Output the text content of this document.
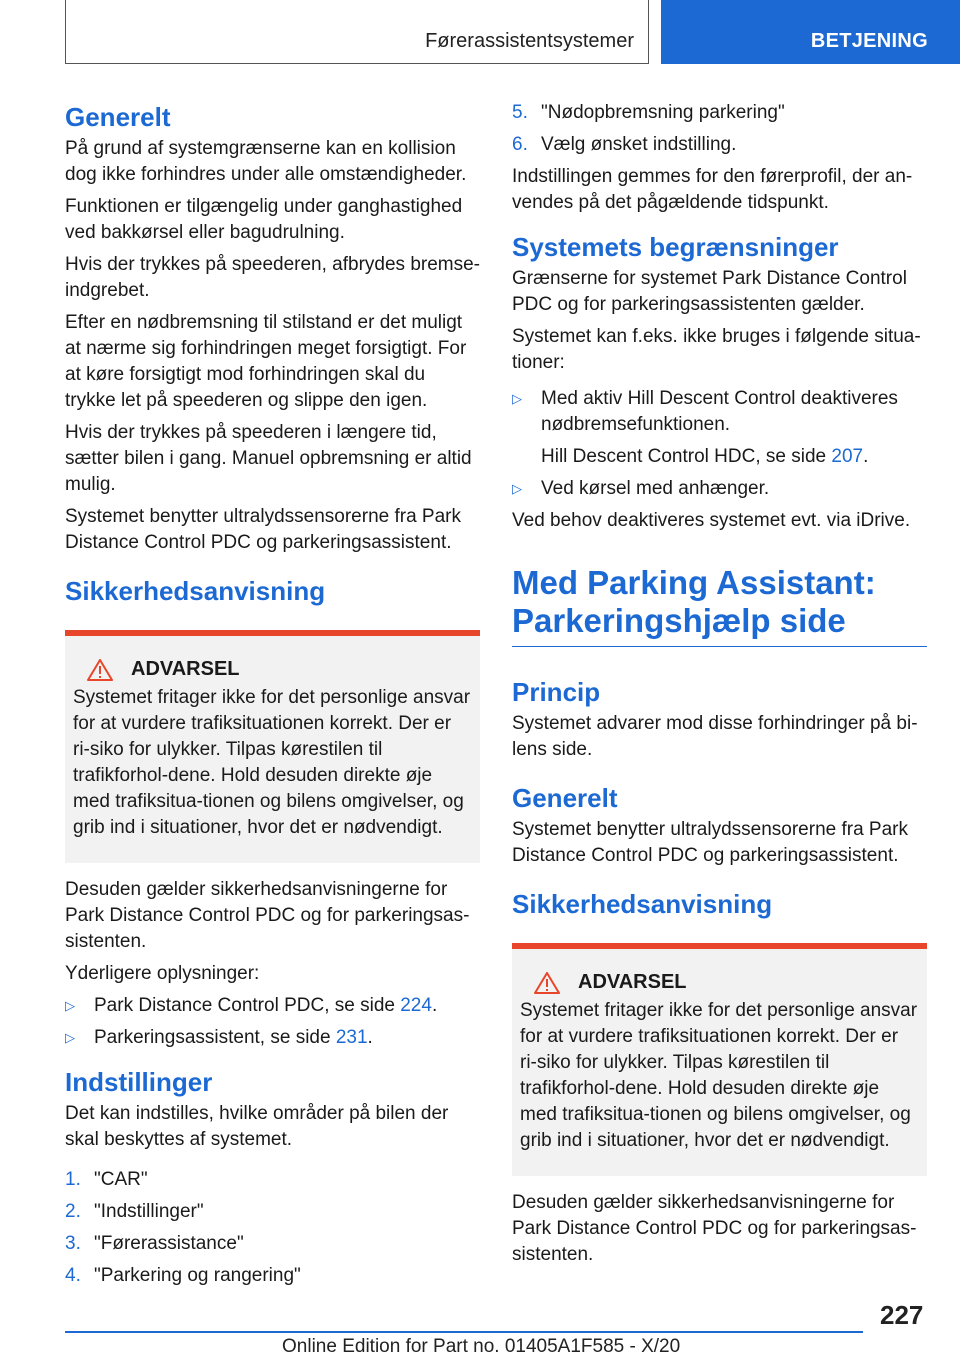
Førerassistentsystemer	BETJENING
Generelt

På grund af systemgrænserne kan en kollision dog ikke forhindres under alle omstændigheder.

Funktionen er tilgængelig under ganghastighed ved bakkørsel eller bagudrulning.

Hvis der trykkes på speederen, afbrydes bremse-indgrebet.

Efter en nødbremsning til stilstand er det muligt at nærme sig forhindringen meget forsigtigt. For at køre forsigtigt mod forhindringen skal du trykke let på speederen og slippe den igen.

Hvis der trykkes på speederen i længere tid, sætter bilen i gang. Manuel opbremsning er altid mulig.

Systemet benytter ultralydssensorerne fra Park Distance Control PDC og parkeringsassistent.

Sikkerhedsanvisning
ADVARSEL

Systemet fritager ikke for det personlige ansvar for at vurdere trafiksituationen korrekt. Der er ri-siko for ulykker. Tilpas kørestilen til trafikforhol-dene. Hold desuden direkte øje med trafiksitua-tionen og bilens omgivelser, og grib ind i situationer, hvor det er nødvendigt.

Desuden gælder sikkerhedsanvisningerne for Park Distance Control PDC og for parkeringsas-sistenten.

Yderligere oplysninger:

▷ Park Distance Control PDC, se side 224.
▷ Parkeringsassistent, se side 231.
Indstillinger

Det kan indstilles, hvilke områder på bilen der skal beskyttes af systemet.

1. "CAR"
2. "Indstillinger"
3. "Førerassistance"
4. "Parkering og rangering"
5. "Nødopbremsning parkering"
6. Vælg ønsket indstilling.

Indstillingen gemmes for den førerprofil, der an-vendes på det pågældende tidspunkt.

Systemets begrænsninger

Grænserne for systemet Park Distance Control PDC og for parkeringsassistenten gælder.

Systemet kan f.eks. ikke bruges i følgende situa-tioner:

▷ Med aktiv Hill Descent Control deaktiveres nødbremsefunktionen.
Hill Descent Control HDC, se side 207.
▷ Ved kørsel med anhænger.

Ved behov deaktiveres systemet evt. via iDrive.

Med Parking Assistant:
Parkeringshjælp side
Princip

Systemet advarer mod disse forhindringer på bi-lens side.

Generelt

Systemet benytter ultralydssensorerne fra Park Distance Control PDC og parkeringsassistent.

Sikkerhedsanvisning
ADVARSEL

Systemet fritager ikke for det personlige ansvar for at vurdere trafiksituationen korrekt. Der er ri-siko for ulykker. Tilpas kørestilen til trafikforhol-dene. Hold desuden direkte øje med trafiksitua-tionen og bilens omgivelser, og grib ind i situationer, hvor det er nødvendigt.

Desuden gælder sikkerhedsanvisningerne for Park Distance Control PDC og for parkeringsas-sistenten.

227
Online Edition for Part no. 01405A1F585 - X/20
